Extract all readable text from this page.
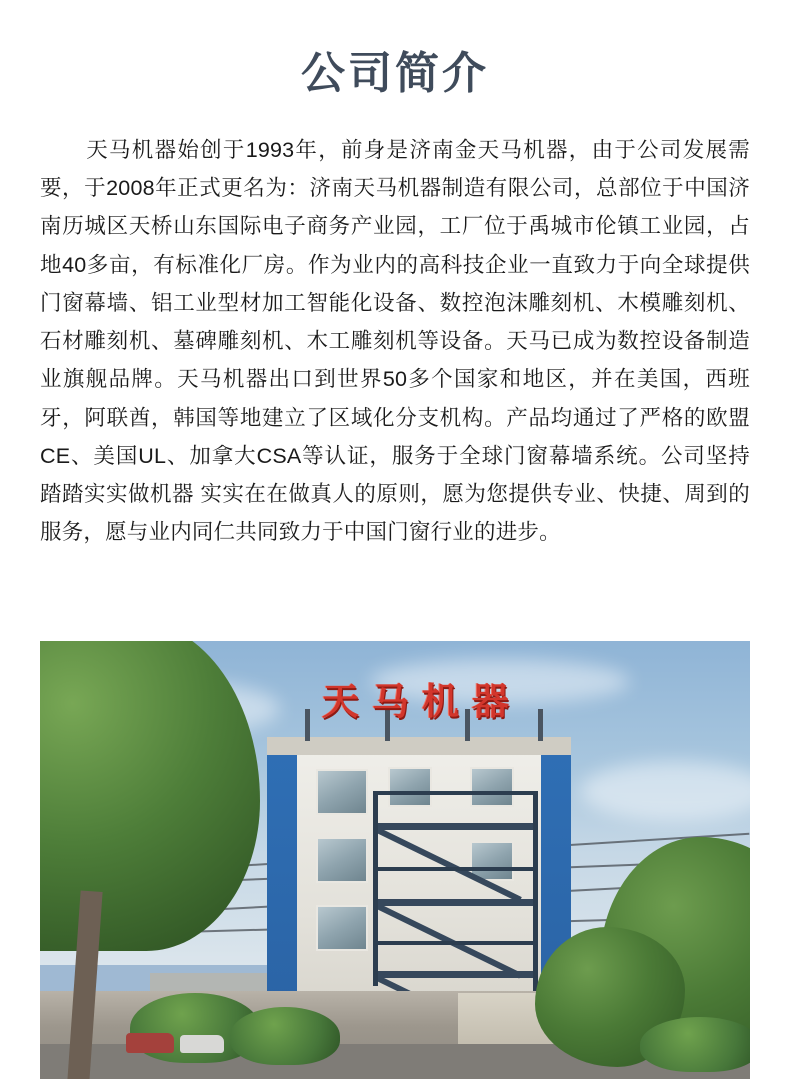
公司简介

天马机器始创于1993年，前身是济南金天马机器，由于公司发展需要，于2008年正式更名为：济南天马机器制造有限公司，总部位于中国济南历城区天桥山东国际电子商务产业园，工厂位于禹城市伦镇工业园，占地40多亩，有标准化厂房。作为业内的高科技企业一直致力于向全球提供门窗幕墙、铝工业型材加工智能化设备、数控泡沫雕刻机、木模雕刻机、石材雕刻机、墓碑雕刻机、木工雕刻机等设备。天马已成为数控设备制造业旗舰品牌。天马机器出口到世界50多个国家和地区，并在美国，西班牙，阿联酋，韩国等地建立了区域化分支机构。产品均通过了严格的欧盟CE、美国UL、加拿大CSA等认证，服务于全球门窗幕墙系统。公司坚持踏踏实实做机器 实实在在做真人的原则，愿为您提供专业、快捷、周到的服务，愿与业内同仁共同致力于中国门窗行业的进步。

天马机器
